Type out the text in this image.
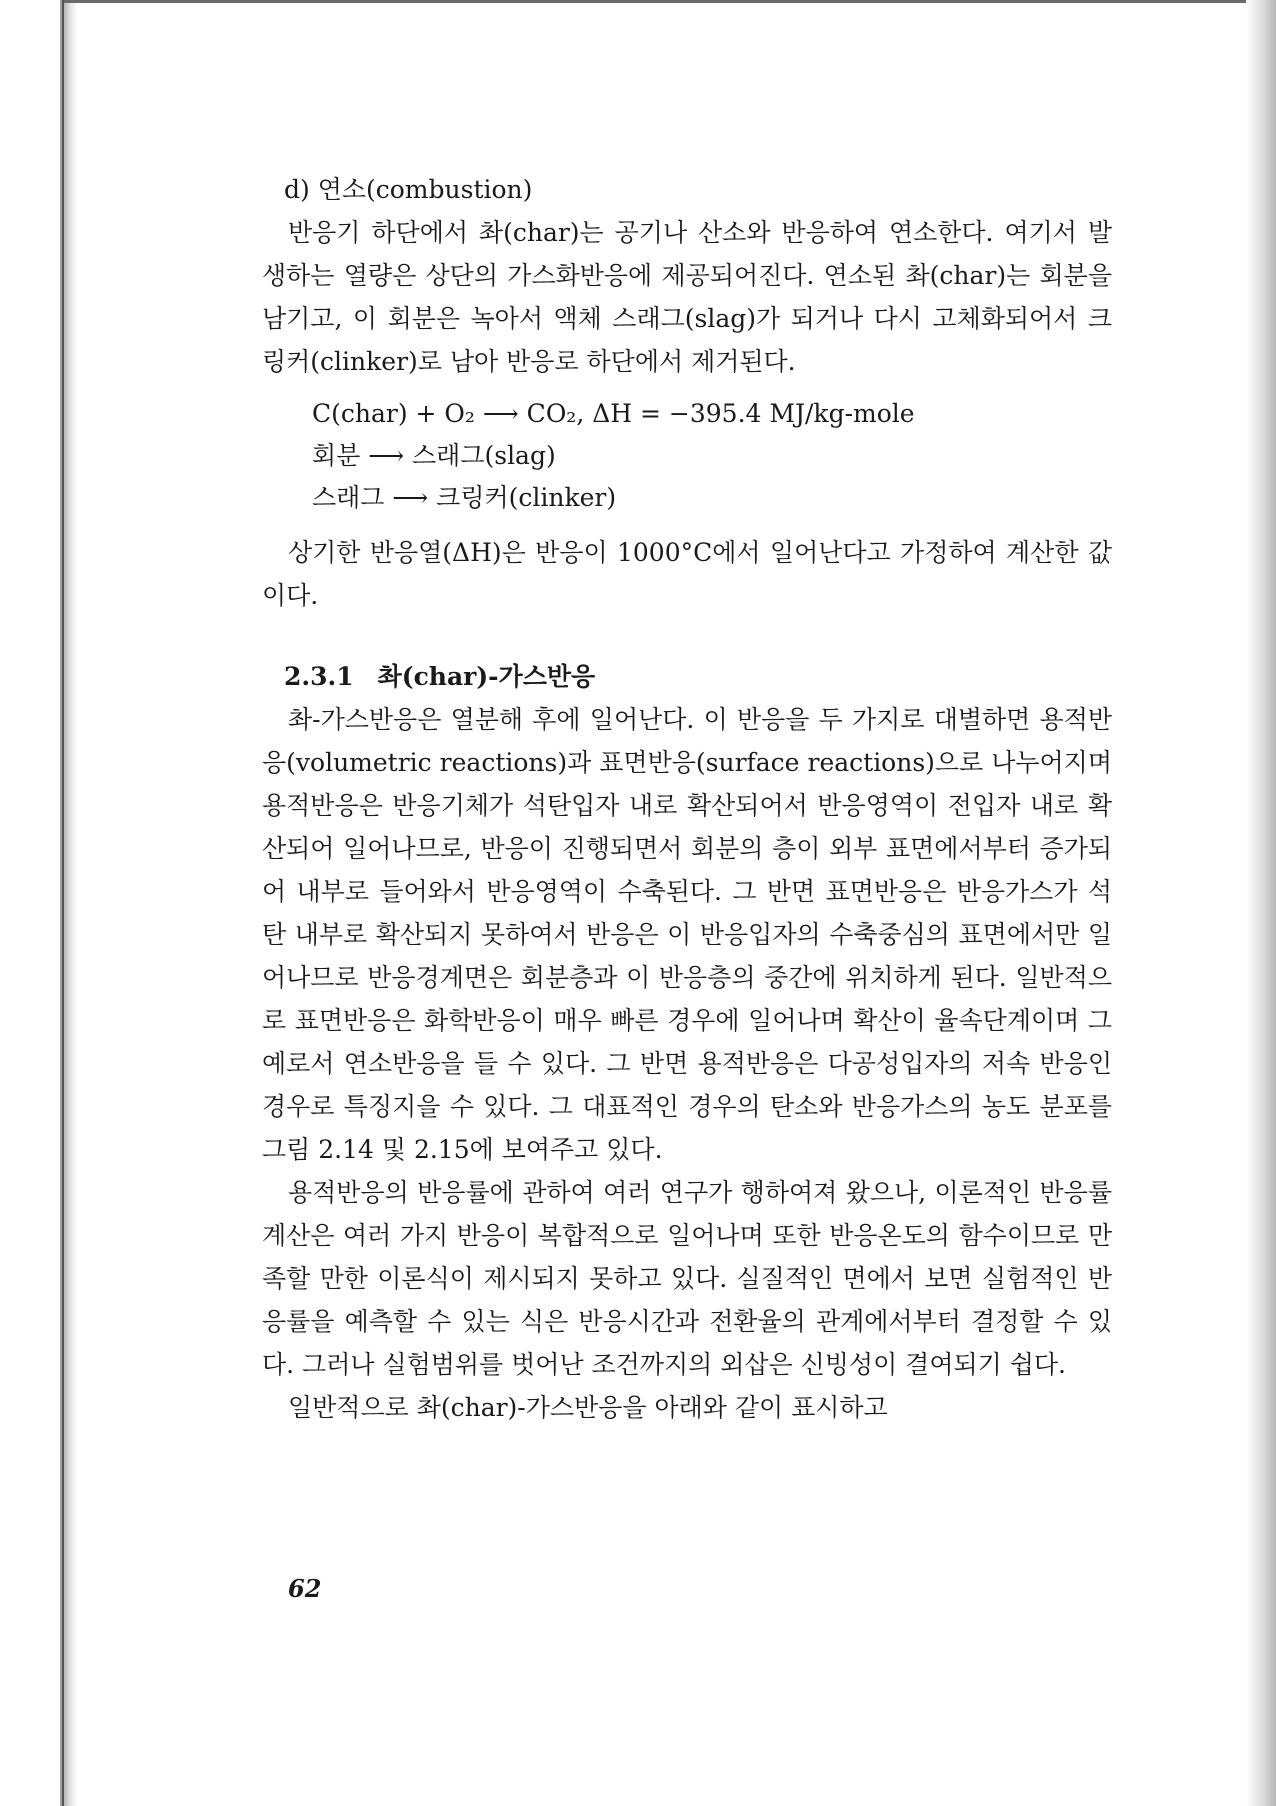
d) 연소(combustion)

반응기 하단에서 촤(char)는 공기나 산소와 반응하여 연소한다. 여기서 발생하는 열량은 상단의 가스화반응에 제공되어진다. 연소된 촤(char)는 회분을 남기고, 이 회분은 녹아서 액체 스래그(slag)가 되거나 다시 고체화되어서 크링커(clinker)로 남아 반응로 하단에서 제거된다.

C(char) + O₂ ⟶ CO₂, ΔH = −395.4 MJ/kg-mole
회분 ⟶ 스래그(slag)
스래그 ⟶ 크링커(clinker)

상기한 반응열(ΔH)은 반응이 1000°C에서 일어난다고 가정하여 계산한 값이다.

2.3.1 촤(char)-가스반응

촤-가스반응은 열분해 후에 일어난다. 이 반응을 두 가지로 대별하면 용적반응(volumetric reactions)과 표면반응(surface reactions)으로 나누어지며 용적반응은 반응기체가 석탄입자 내로 확산되어서 반응영역이 전입자 내로 확산되어 일어나므로, 반응이 진행되면서 회분의 층이 외부 표면에서부터 증가되어 내부로 들어와서 반응영역이 수축된다. 그 반면 표면반응은 반응가스가 석탄 내부로 확산되지 못하여서 반응은 이 반응입자의 수축중심의 표면에서만 일어나므로 반응경계면은 회분층과 이 반응층의 중간에 위치하게 된다. 일반적으로 표면반응은 화학반응이 매우 빠른 경우에 일어나며 확산이 율속단계이며 그 예로서 연소반응을 들 수 있다. 그 반면 용적반응은 다공성입자의 저속 반응인 경우로 특징지을 수 있다. 그 대표적인 경우의 탄소와 반응가스의 농도 분포를 그림 2.14 및 2.15에 보여주고 있다.

용적반응의 반응률에 관하여 여러 연구가 행하여져 왔으나, 이론적인 반응률 계산은 여러 가지 반응이 복합적으로 일어나며 또한 반응온도의 함수이므로 만족할 만한 이론식이 제시되지 못하고 있다. 실질적인 면에서 보면 실험적인 반응률을 예측할 수 있는 식은 반응시간과 전환율의 관계에서부터 결정할 수 있다. 그러나 실험범위를 벗어난 조건까지의 외삽은 신빙성이 결여되기 쉽다.

일반적으로 촤(char)-가스반응을 아래와 같이 표시하고

62
